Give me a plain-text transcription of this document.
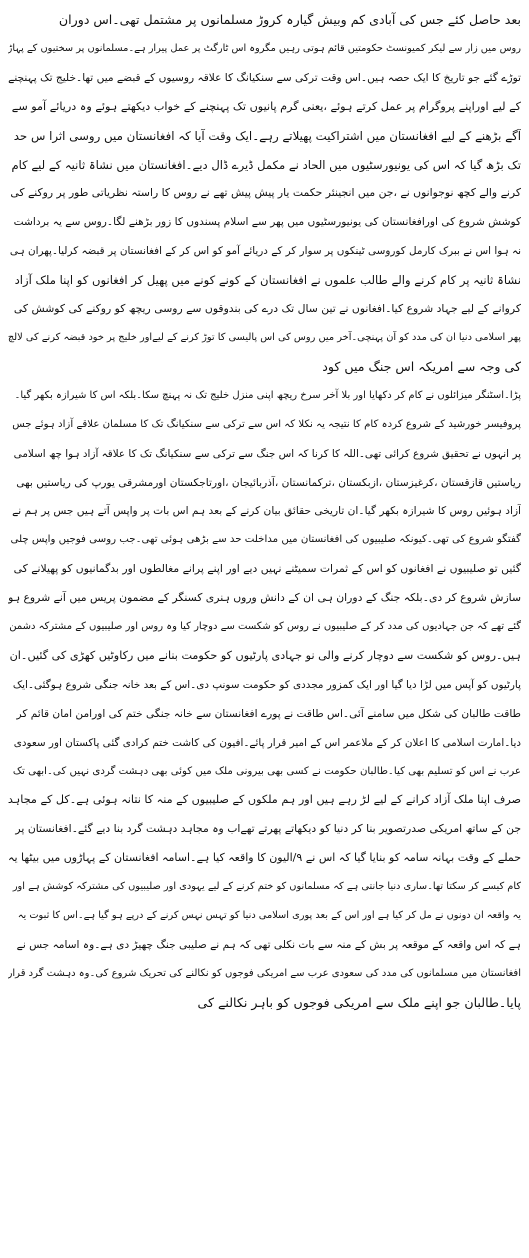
بعد حاصل کئے جس کی آبادی کم وبیش گیارہ کروڑ مسلمانوں پر مشتمل تھی۔اس دوران
روس میں زار سے لیکر کمیونسٹ حکومتیں قائم ہوتی رہیں مگروہ اس ٹارگٹ پر عمل پیرار ہے۔مسلمانوں پر سختیوں کے پہاڑ
توڑے گئے جو تاریخ کا ایک حصہ ہیں۔اس وقت ترکی سے سنکیانگ کا علاقہ روسیوں کے قبضے میں تھا۔خلیج تک پہنچنے
کے لیے اوراپنے پروگرام پر عمل کرتے ہوئے ،یعنی گرم پانیوں تک پہنچنے کے خواب دیکھتے ہوئے وہ دریائے آمو سے
آگے بڑھنے کے لیے افغانستان میں اشتراکیت پھیلاتے رہے۔ایک وقت آیا کہ افغانستان میں روسی اثرا س حد
تک بڑھ گیا کہ اس کی یونیورسٹیوں میں الحاد نے مکمل ڈیرے ڈال دیے۔افغانستان میں نشاۃ ثانیہ کے لیے کام
کرنے والے کچھ نوجوانوں نے ،جن میں انجینئر حکمت یار پیش پیش تھے نے روس کا راستہ نظریاتی طور پر روکنے کی
کوشش شروع کی اورافغانستان کی یونیورسٹیوں میں پھر سے اسلام پسندوں کا زور بڑھنے لگا۔روس سے یہ برداشت
نہ ہوا اس نے ببرک کارمل کوروسی ٹینکوں پر سوار کر کے دریائے آمو کو اس کر کے افغانستان پر قبضہ کرلیا۔پھران ہی
نشاۃ ثانیہ پر کام کرنے والے طالب علموں نے افغانستان کے کونے کونے میں پھیل کر افغانوں کو اپنا ملک آزاد
کروانے کے لیے جہاد شروع کیا۔افغانوں نے تین سال تک درے کی بندوقوں سے روسی ریچھ کو روکنے کی کوشش کی
پھر اسلامی دنیا ان کی مدد کو آن پہنچی۔آخر میں روس کی اس پالیسی کا توڑ کرنے کے لیےاور خلیج پر خود قبضہ کرنے کی لالچ
کی وجہ سے امریکہ اس جنگ میں کود

پڑا۔اسٹنگر میزائلوں نے کام کر دکھایا اور بلا آخر سرخ ریچھ اپنی منزل خلیج تک نہ پہنچ سکا۔بلکہ اس کا شیرازہ بکھر گیا۔
پروفیسر خورشید کے شروع کردہ کام کا نتیجہ یہ نکلا کہ اس سے ترکی سے سنکیانگ تک کا مسلمان علاقے آزاد ہوئے جس
پر انہوں نے تحقیق شروع کرائی تھی۔اللہ کا کرنا کہ اس جنگ سے ترکی سے سنکیانگ تک کا علاقہ آزاد ہوا چھ اسلامی
ریاستیں قازقستان ،کرغیزستان ،ازبکستان ،ترکمانستان ،آذربائیجان ،اورتاجکستان اورمشرقی یورپ کی ریاستیں بھی
آزاد ہوئیں روس کا شیرازہ بکھر گیا۔ان تاریخی حقائق بیان کرنے کے بعد ہم اس بات پر واپس آتے ہیں جس پر ہم نے
گفتگو شروع کی تھی۔کیونکہ صلیبیوں کی افغانستان میں مداخلت حد سے بڑھی ہوئی تھی۔جب روسی فوجیں واپس چلی
گئیں تو صلیبیوں نے افغانوں کو اس کے ثمرات سمیٹنے نہیں دیے اور اپنے پرانے مغالطوں اور بدگمانیوں کو پھیلانے کی
سازش شروع کر دی۔بلکہ جنگ کے دوران ہی ان کے دانش وروں ہنری کسنگر کے مضمون پریس میں آنے شروع ہو
گئے تھے کہ جن جہادیوں کی مدد کر کے صلیبیوں نے روس کو شکست سے دوچار کیا وہ روس اور صلیبیوں کے مشترکہ دشمن
ہیں۔روس کو شکست سے دوچار کرنے والی نو جہادی پارٹیوں کو حکومت بنانے میں رکاوٹیں کھڑی کی گئیں۔ان
پارٹیوں کو آپس میں لڑا دیا گیا اور ایک کمزور مجددی کو حکومت سونپ دی۔اس کے بعد خانہ جنگی شروع ہوگئی۔ایک
طاقت طالبان کی شکل میں سامنے آئی۔اس طاقت نے پورے افغانستان سے خانہ جنگی ختم کی اورامن امان قائم کر
دیا۔امارت اسلامی کا اعلان کر کے ملاعمر اس کے امیر قرار پائے۔افیون کی کاشت ختم کرادی گئی پاکستان اور سعودی
عرب نے اس کو تسلیم بھی کیا۔طالبان حکومت نے کسی بھی بیرونی ملک میں کوئی بھی دہشت گردی نہیں کی۔ابھی تک
صرف اپنا ملک آزاد کرانے کے لیے لڑ رہے ہیں اور ہم ملکوں کے صلیبیوں کے منہ کا نتانہ ہوئی ہے۔کل کے مجاہد
جن کے ساتھ امریکی صدرتصویر بنا کر دنیا کو دیکھاتے پھرتے تھےاب وہ مجاہد دہشت گرد بنا دیے گئے۔افغانستان پر
حملے کے وقت بہانہ سامہ کو بنایا گیا کہ اس نے ۹/الیون کا واقعہ کیا ہے۔اسامہ افغانستان کے پہاڑوں میں بیٹھا یہ
کام کیسے کر سکتا تھا۔ساری دنیا جانتی ہے کہ مسلمانوں کو ختم کرنے کے لیے یہودی اور صلیبیوں کی مشترکہ کوشش ہے اور
یہ واقعہ ان دونوں نے مل کر کیا ہے اور اس کے بعد پوری اسلامی دنیا کو تہس نہس کرنے کے درپے ہو گیا ہے۔اس کا ثبوت یہ
ہے کہ اس واقعہ کے موقعہ پر بش کے منہ سے بات نکلی تھی کہ ہم نے صلیبی جنگ چھیڑ دی ہے۔وہ اسامہ جس نے
افغانستان میں مسلمانوں کی مدد کی سعودی عرب سے امریکی فوجوں کو نکالنے کی تحریک شروع کی۔وہ دہشت گرد قرار
پایا۔طالبان جو اپنے ملک سے امریکی فوجوں کو باہر نکالنے کی
